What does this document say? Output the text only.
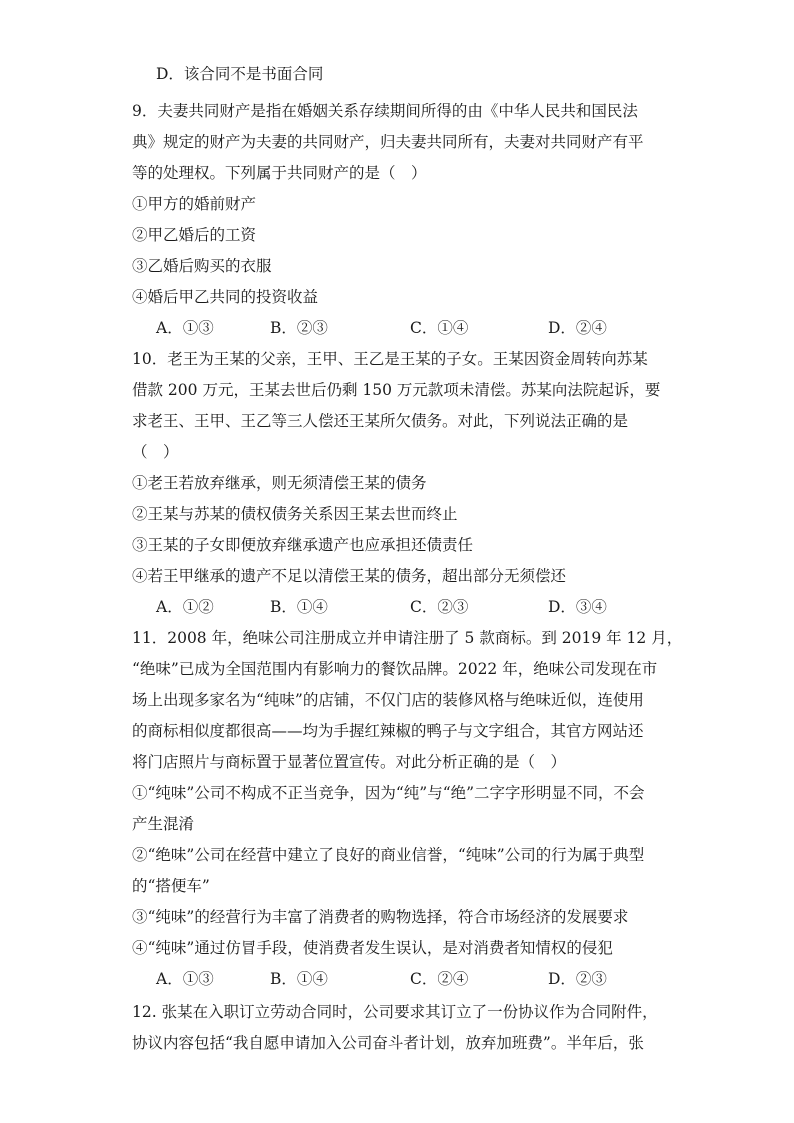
D．该合同不是书面合同
9．夫妻共同财产是指在婚姻关系存续期间所得的由《中华人民共和国民法
典》规定的财产为夫妻的共同财产，归夫妻共同所有，夫妻对共同财产有平
等的处理权。下列属于共同财产的是（　）
①甲方的婚前财产
②甲乙婚后的工资
③乙婚后购买的衣服
④婚后甲乙共同的投资收益
A．①③	B．②③	C．①④	D．②④
10．老王为王某的父亲，王甲、王乙是王某的子女。王某因资金周转向苏某
借款 200 万元，王某去世后仍剩 150 万元款项未清偿。苏某向法院起诉，要
求老王、王甲、王乙等三人偿还王某所欠债务。对此，下列说法正确的是
（　）
①老王若放弃继承，则无须清偿王某的债务
②王某与苏某的债权债务关系因王某去世而终止
③王某的子女即便放弃继承遗产也应承担还债责任
④若王甲继承的遗产不足以清偿王某的债务，超出部分无须偿还
A．①②	B．①④	C．②③	D．③④
11．2008 年，绝味公司注册成立并申请注册了 5 款商标。到 2019 年 12 月，
“绝味”已成为全国范围内有影响力的餐饮品牌。2022 年，绝味公司发现在市
场上出现多家名为“纯味”的店铺，不仅门店的装修风格与绝味近似，连使用
的商标相似度都很高——均为手握红辣椒的鸭子与文字组合，其官方网站还
将门店照片与商标置于显著位置宣传。对此分析正确的是（　）
①“纯味”公司不构成不正当竞争，因为“纯”与“绝”二字字形明显不同，不会
产生混淆
②“绝味”公司在经营中建立了良好的商业信誉，“纯味”公司的行为属于典型
的“搭便车”
③“纯味”的经营行为丰富了消费者的购物选择，符合市场经济的发展要求
④“纯味”通过仿冒手段，使消费者发生误认，是对消费者知情权的侵犯
A．①③	B．①④	C．②④	D．②③
12. 张某在入职订立劳动合同时，公司要求其订立了一份协议作为合同附件，
协议内容包括“我自愿申请加入公司奋斗者计划，放弃加班费”。半年后，张
